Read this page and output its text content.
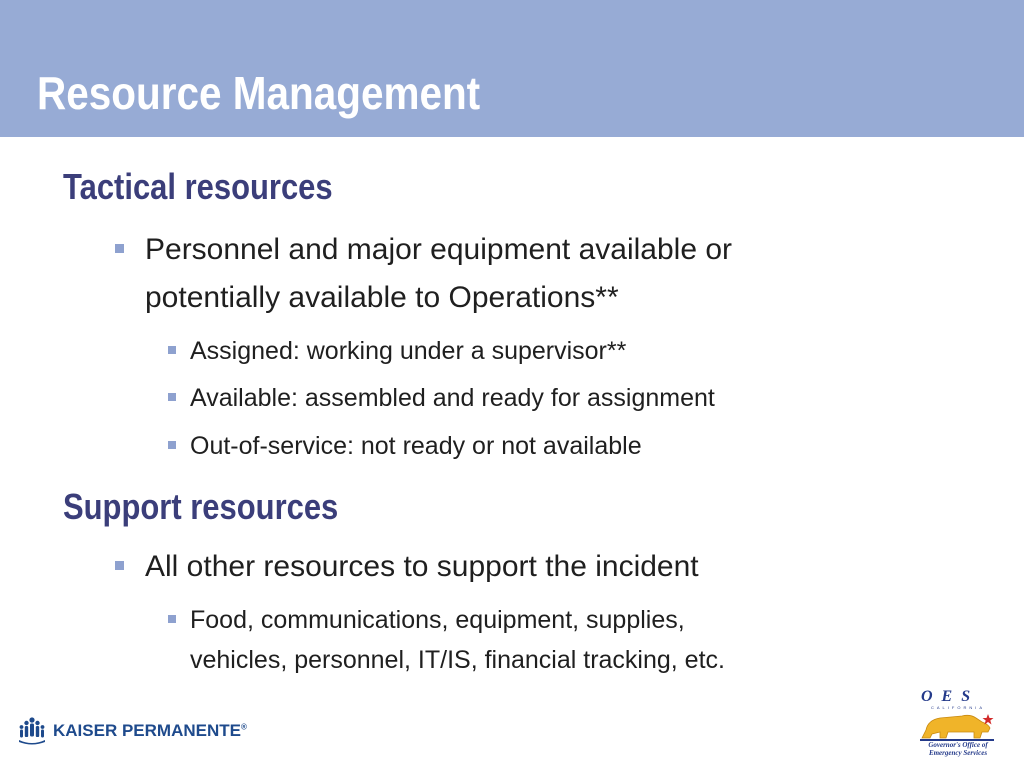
Resource Management
Tactical resources
Personnel and major equipment available or
potentially available to Operations**
Assigned: working under a supervisor**
Available: assembled and ready for assignment
Out-of-service: not ready or not available
Support resources
All other resources to support the incident
Food, communications, equipment, supplies,
vehicles, personnel, IT/IS, financial tracking, etc.
KAISER PERMANENTE®
OES
CALIFORNIA
Governor's Office of
Emergency Services
